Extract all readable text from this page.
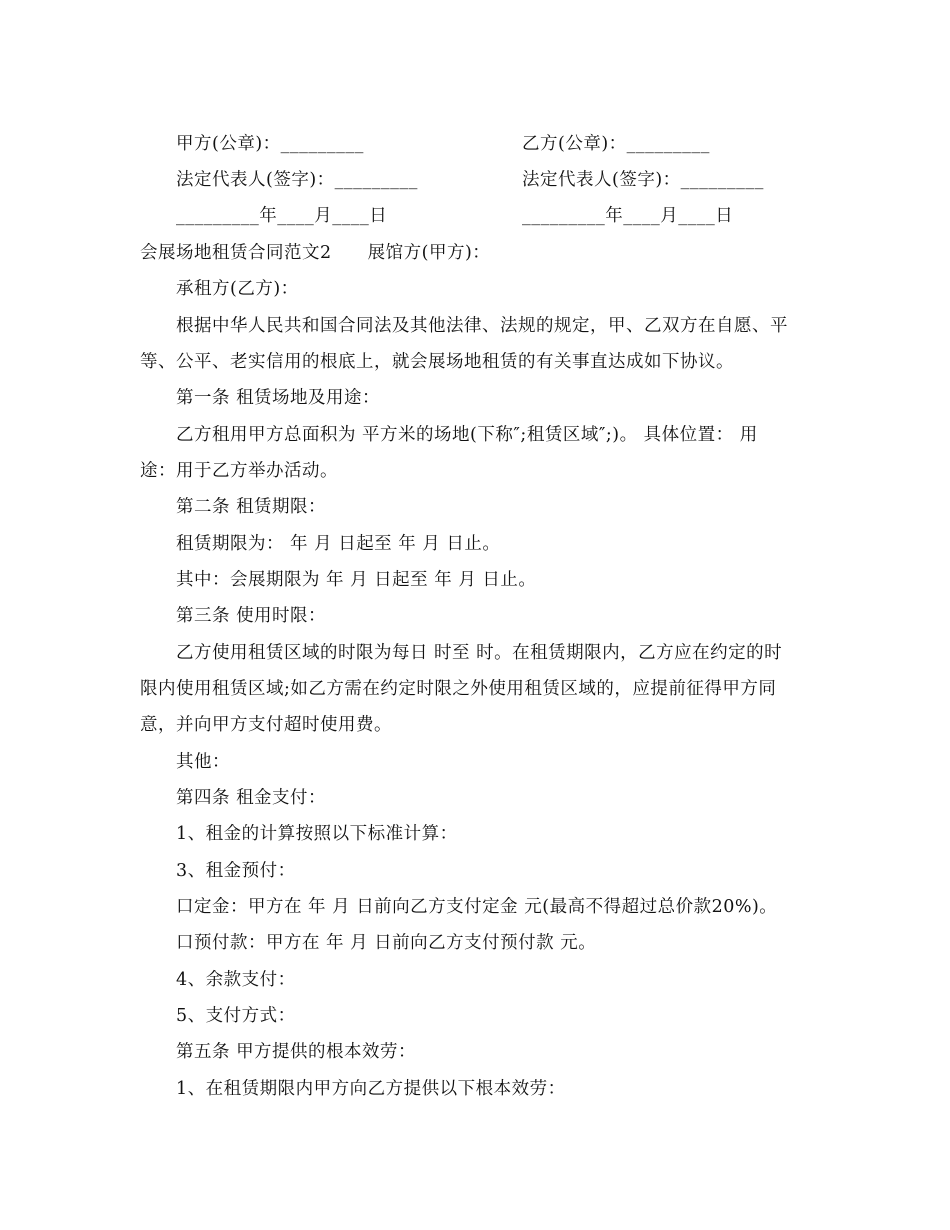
甲方(公章)：_________	乙方(公章)：_________
法定代表人(签字)：_________	法定代表人(签字)：_________
_________年____月____日	_________年____月____日
会展场地租赁合同范文2 展馆方(甲方)：
承租方(乙方)：
根据中华人民共和国合同法及其他法律、法规的规定，甲、乙双方在自愿、平
等、公平、老实信用的根底上，就会展场地租赁的有关事直达成如下协议。
第一条 租赁场地及用途：
乙方租用甲方总面积为 平方米的场地(下称″;租赁区域″;)。 具体位置： 用
途：用于乙方举办活动。
第二条 租赁期限：
租赁期限为： 年 月 日起至 年 月 日止。
其中：会展期限为 年 月 日起至 年 月 日止。
第三条 使用时限：
乙方使用租赁区域的时限为每日 时至 时。在租赁期限内，乙方应在约定的时
限内使用租赁区域;如乙方需在约定时限之外使用租赁区域的，应提前征得甲方同
意，并向甲方支付超时使用费。
其他：
第四条 租金支付：
1、租金的计算按照以下标准计算：
3、租金预付：
口定金：甲方在 年 月 日前向乙方支付定金 元(最高不得超过总价款20%)。
口预付款：甲方在 年 月 日前向乙方支付预付款 元。
4、余款支付：
5、支付方式：
第五条 甲方提供的根本效劳：
1、在租赁期限内甲方向乙方提供以下根本效劳：
